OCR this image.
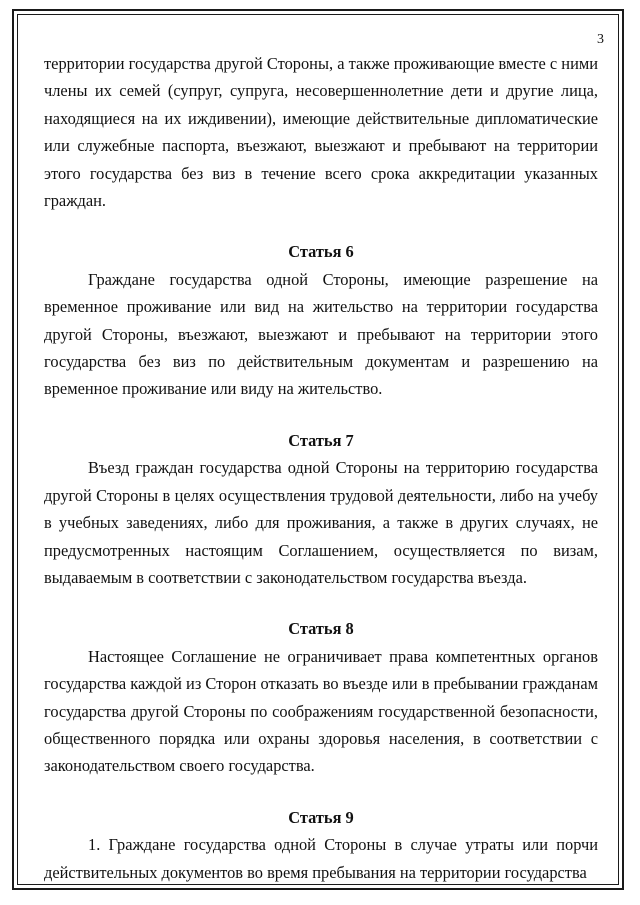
3

территории государства другой Стороны, а также проживающие вместе с ними члены их семей (супруг, супруга, несовершеннолетние дети и другие лица, находящиеся на их иждивении), имеющие действительные дипломатические или служебные паспорта, въезжают, выезжают и пребывают на территории этого государства без виз в течение всего срока аккредитации указанных граждан.

Статья 6

Граждане государства одной Стороны, имеющие разрешение на временное проживание или вид на жительство на территории государства другой Стороны, въезжают, выезжают и пребывают на территории этого государства без виз по действительным документам и разрешению на временное проживание или виду на жительство.

Статья 7

Въезд граждан государства одной Стороны на территорию государства другой Стороны в целях осуществления трудовой деятельности, либо на учебу в учебных заведениях, либо для проживания, а также в других случаях, не предусмотренных настоящим Соглашением, осуществляется по визам, выдаваемым в соответствии с законодательством государства въезда.

Статья 8

Настоящее Соглашение не ограничивает права компетентных органов государства каждой из Сторон отказать во въезде или в пребывании гражданам государства другой Стороны по соображениям государственной безопасности, общественного порядка или охраны здоровья населения, в соответствии с законодательством своего государства.

Статья 9

1. Граждане государства одной Стороны в случае утраты или порчи действительных документов во время пребывания на территории государства
